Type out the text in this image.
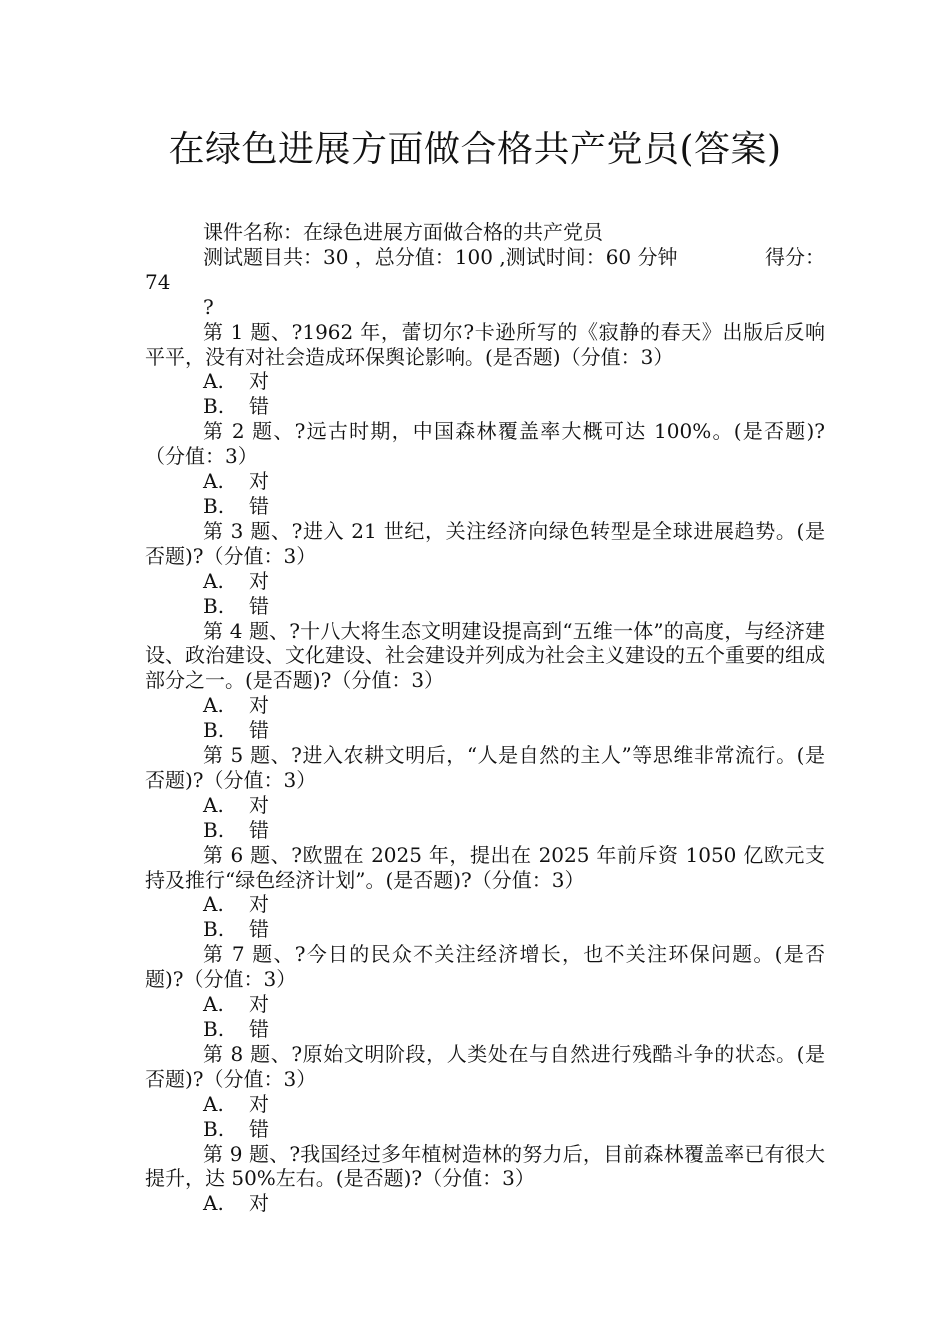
在绿色进展方面做合格共产党员(答案)
课件名称：在绿色进展方面做合格的共产党员
测试题目共：30 ，总分值：100 ,测试时间：60 分钟	得分：
74
?
第 1 题、?1962 年，蕾切尔?卡逊所写的《寂静的春天》出版后反响平平，没有对社会造成环保舆论影响。(是否题)（分值：3）
A. 对
B. 错
第 2 题、?远古时期，中国森林覆盖率大概可达 100%。(是否题)?（分值：3）
A. 对
B. 错
第 3 题、?进入 21 世纪，关注经济向绿色转型是全球进展趋势。(是否题)?（分值：3）
A. 对
B. 错
第 4 题、?十八大将生态文明建设提高到“五维一体”的高度，与经济建设、政治建设、文化建设、社会建设并列成为社会主义建设的五个重要的组成部分之一。(是否题)?（分值：3）
A. 对
B. 错
第 5 题、?进入农耕文明后，“人是自然的主人”等思维非常流行。(是否题)?（分值：3）
A. 对
B. 错
第 6 题、?欧盟在 2025 年，提出在 2025 年前斥资 1050 亿欧元支持及推行“绿色经济计划”。(是否题)?（分值：3）
A. 对
B. 错
第 7 题、?今日的民众不关注经济增长，也不关注环保问题。(是否题)?（分值：3）
A. 对
B. 错
第 8 题、?原始文明阶段，人类处在与自然进行残酷斗争的状态。(是否题)?（分值：3）
A. 对
B. 错
第 9 题、?我国经过多年植树造林的努力后，目前森林覆盖率已有很大提升，达 50%左右。(是否题)?（分值：3）
A. 对
